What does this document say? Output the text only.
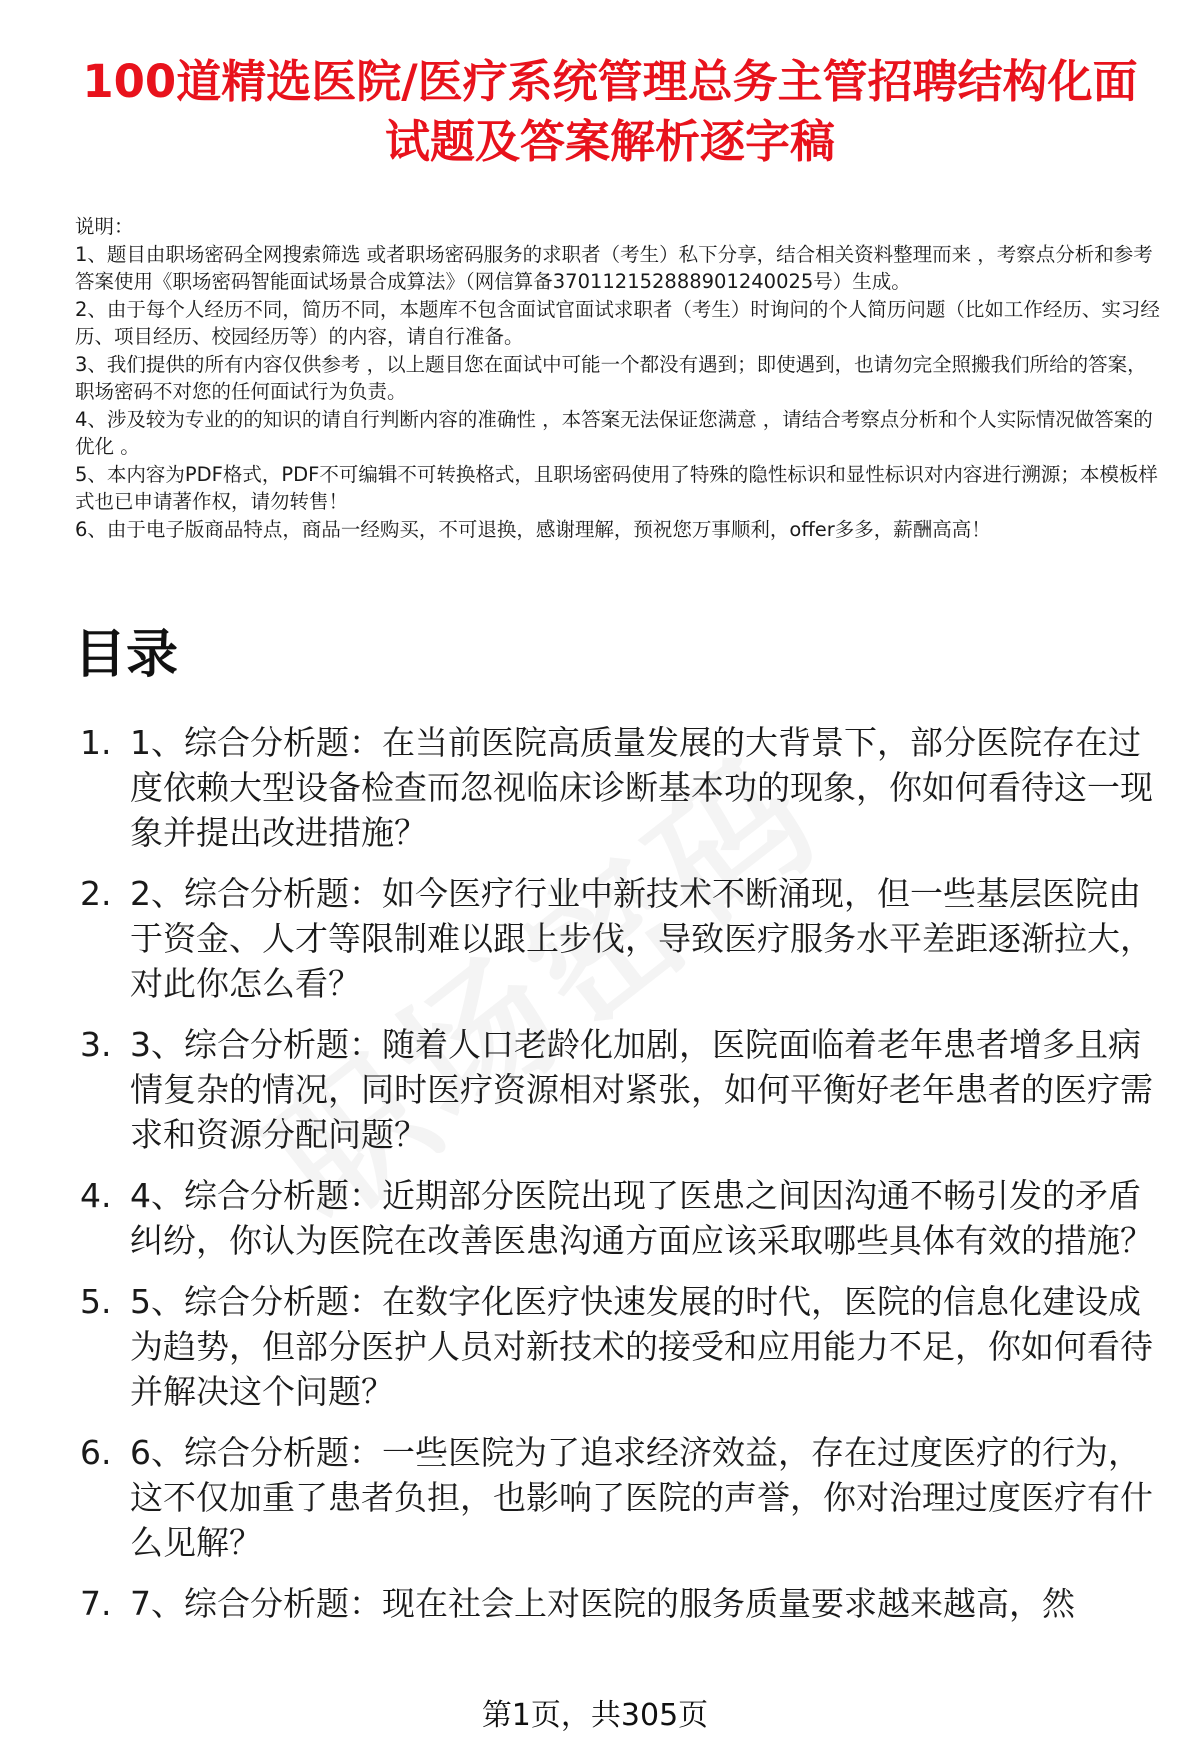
100道精选医院/医疗系统管理总务主管招聘结构化面试题及答案解析逐字稿

说明：

1、题目由职场密码全网搜索筛选 或者职场密码服务的求职者（考生）私下分享，结合相关资料整理而来 ，考察点分析和参考答案使用《职场密码智能面试场景合成算法》（网信算备370112152888901240025号）生成。

2、由于每个人经历不同，简历不同，本题库不包含面试官面试求职者（考生）时询问的个人简历问题（比如工作经历、实习经历、项目经历、校园经历等）的内容，请自行准备。

3、我们提供的所有内容仅供参考 ，以上题目您在面试中可能一个都没有遇到；即使遇到，也请勿完全照搬我们所给的答案，职场密码不对您的任何面试行为负责。

4、涉及较为专业的的知识的请自行判断内容的准确性 ，本答案无法保证您满意 ，请结合考察点分析和个人实际情况做答案的优化 。

5、本内容为PDF格式，PDF不可编辑不可转换格式，且职场密码使用了特殊的隐性标识和显性标识对内容进行溯源；本模板样式也已申请著作权，请勿转售！

6、由于电子版商品特点，商品一经购买，不可退换，感谢理解，预祝您万事顺利，offer多多，薪酬高高！

目录
1. 1、综合分析题：在当前医院高质量发展的大背景下，部分医院存在过度依赖大型设备检查而忽视临床诊断基本功的现象，你如何看待这一现象并提出改进措施？
2. 2、综合分析题：如今医疗行业中新技术不断涌现，但一些基层医院由于资金、人才等限制难以跟上步伐，导致医疗服务水平差距逐渐拉大，对此你怎么看？
3. 3、综合分析题：随着人口老龄化加剧，医院面临着老年患者增多且病情复杂的情况，同时医疗资源相对紧张，如何平衡好老年患者的医疗需求和资源分配问题？
4. 4、综合分析题：近期部分医院出现了医患之间因沟通不畅引发的矛盾纠纷，你认为医院在改善医患沟通方面应该采取哪些具体有效的措施？
5. 5、综合分析题：在数字化医疗快速发展的时代，医院的信息化建设成为趋势，但部分医护人员对新技术的接受和应用能力不足，你如何看待并解决这个问题？
6. 6、综合分析题：一些医院为了追求经济效益，存在过度医疗的行为，这不仅加重了患者负担，也影响了医院的声誉，你对治理过度医疗有什么见解？
7. 7、综合分析题：现在社会上对医院的服务质量要求越来越高，然
第1页，共305页
